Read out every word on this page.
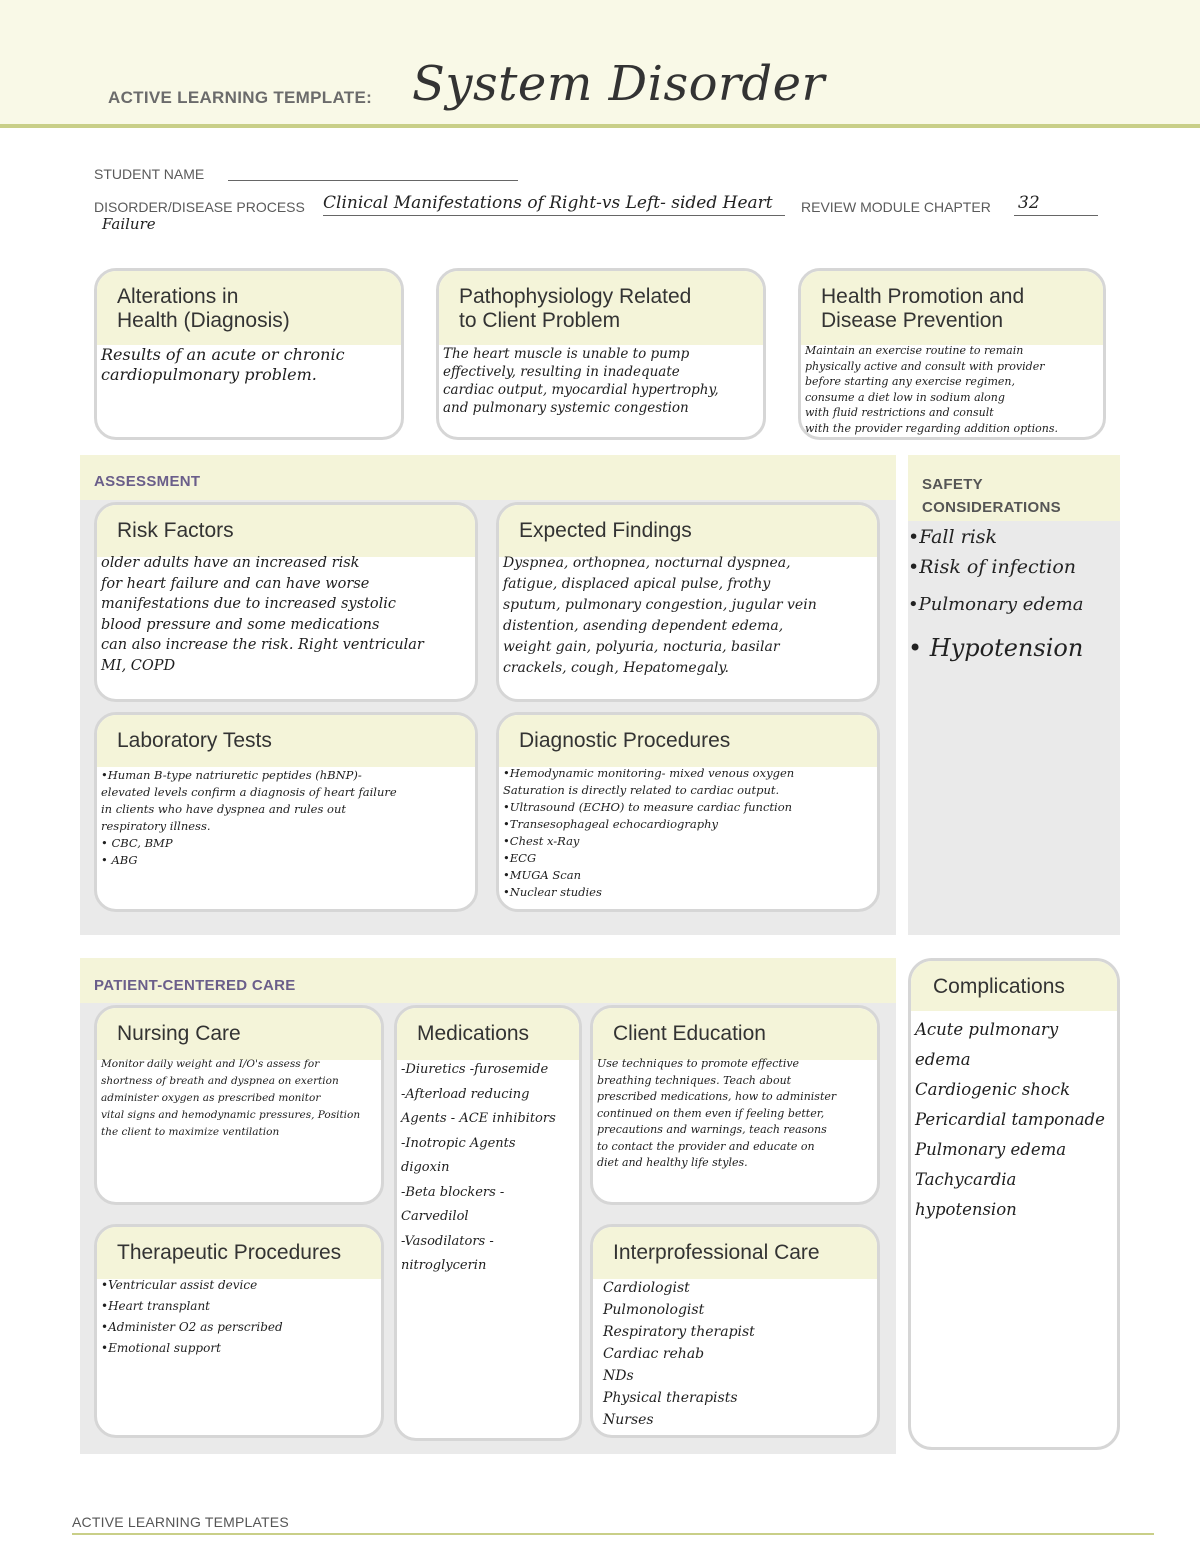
ACTIVE LEARNING TEMPLATE: System Disorder
STUDENT NAME
DISORDER/DISEASE PROCESS Clinical Manifestations of Right-vs Left- sided Heart
Failure
REVIEW MODULE CHAPTER 32
Alterations in
Health (Diagnosis)
Results of an acute or chronic
cardiopulmonary problem.
Pathophysiology Related
to Client Problem
The heart muscle is unable to pump
effectively, resulting in inadequate
cardiac output, myocardial hypertrophy,
and pulmonary systemic congestion
Health Promotion and
Disease Prevention
Maintain an exercise routine to remain
physically active and consult with provider
before starting any exercise regimen,
consume a diet low in sodium along
with fluid restrictions and consult
with the provider regarding addition options.
ASSESSMENT
Risk Factors
older adults have an increased risk
for heart failure and can have worse
manifestations due to increased systolic
blood pressure and some medications
can also increase the risk. Right ventricular
MI, COPD
Expected Findings
Dyspnea, orthopnea, nocturnal dyspnea,
fatigue, displaced apical pulse, frothy
sputum, pulmonary congestion, jugular vein
distention, asending dependent edema,
weight gain, polyuria, nocturia, basilar
crackels, cough, Hepatomegaly.
Laboratory Tests
•Human B-type natriuretic peptides (hBNP)-
elevated levels confirm a diagnosis of heart failure
in clients who have dyspnea and rules out
respiratory illness.
• CBC, BMP
• ABG
Diagnostic Procedures
•Hemodynamic monitoring- mixed venous oxygen
Saturation is directly related to cardiac output.
•Ultrasound (ECHO) to measure cardiac function
•Transesophageal echocardiography
•Chest x-Ray
•ECG
•MUGA Scan
•Nuclear studies
SAFETY
CONSIDERATIONS
•Fall risk
•Risk of infection
•Pulmonary edema
• Hypotension
PATIENT-CENTERED CARE
Nursing Care
Monitor daily weight and I/O's assess for
shortness of breath and dyspnea on exertion
administer oxygen as prescribed monitor
vital signs and hemodynamic pressures, Position
the client to maximize ventilation
Medications
-Diuretics -furosemide
-Afterload reducing
Agents - ACE inhibitors
-Inotropic Agents
digoxin
-Beta blockers -
Carvedilol
-Vasodilators - nitroglycerin
Client Education
Use techniques to promote effective
breathing techniques. Teach about
prescribed medications, how to administer
continued on them even if feeling better,
precautions and warnings, teach reasons
to contact the provider and educate on
diet and healthy life styles.
Therapeutic Procedures
•Ventricular assist device
•Heart transplant
•Administer O2 as perscribed
•Emotional support
Interprofessional Care
Cardiologist
Pulmonologist
Respiratory therapist
Cardiac rehab
NDs
Physical therapists
Nurses
Complications
Acute pulmonary edema
Cardiogenic shock
Pericardial tamponade
Pulmonary edema
Tachycardia
hypotension
ACTIVE LEARNING TEMPLATES
